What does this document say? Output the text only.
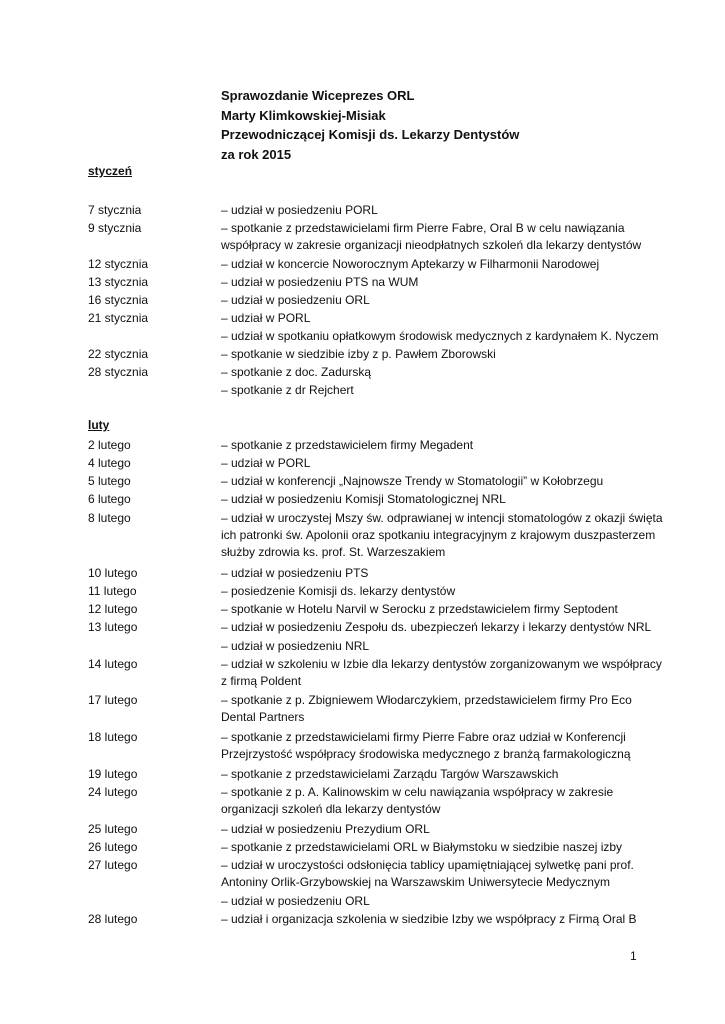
Sprawozdanie Wiceprezes ORL
Marty Klimkowskiej-Misiak
Przewodniczącej Komisji ds. Lekarzy Dentystów
za rok 2015
styczeń
7 stycznia	– udział w posiedzeniu PORL
9 stycznia	– spotkanie z przedstawicielami firm Pierre Fabre, Oral B w celu nawiązania
współpracy w zakresie organizacji nieodpłatnych szkoleń dla lekarzy dentystów
12 stycznia	– udział w koncercie Noworocznym Aptekarzy w Filharmonii Narodowej
13 stycznia	– udział w posiedzeniu PTS na WUM
16 stycznia	– udział w posiedzeniu ORL
21 stycznia	– udział w PORL
– udział w spotkaniu opłatkowym środowisk medycznych z kardynałem K. Nyczem
22 stycznia	– spotkanie w siedzibie izby z p. Pawłem Zborowski
28 stycznia	– spotkanie z doc. Zadurską
– spotkanie z dr Rejchert
luty
2 lutego	– spotkanie z przedstawicielem firmy Megadent
4 lutego	– udział w PORL
5 lutego	– udział w konferencji „Najnowsze Trendy w Stomatologii” w Kołobrzegu
6 lutego	– udział w posiedzeniu Komisji Stomatologicznej NRL
8 lutego	– udział w uroczystej Mszy św. odprawianej w intencji stomatologów z okazji święta
ich patronki św. Apolonii oraz spotkaniu integracyjnym z krajowym duszpasterzem
służby zdrowia ks. prof. St. Warzeszakiem
10 lutego	– udział w posiedzeniu PTS
11 lutego	– posiedzenie Komisji ds. lekarzy dentystów
12 lutego	– spotkanie w Hotelu Narvil w Serocku z przedstawicielem firmy Septodent
13 lutego	– udział w posiedzeniu Zespołu ds. ubezpieczeń lekarzy i lekarzy dentystów NRL
– udział w posiedzeniu NRL
14 lutego	– udział w szkoleniu w Izbie dla lekarzy dentystów zorganizowanym we współpracy
z firmą Poldent
17 lutego	– spotkanie z p. Zbigniewem Włodarczykiem, przedstawicielem firmy Pro Eco
Dental Partners
18 lutego	– spotkanie z przedstawicielami firmy Pierre Fabre oraz udział w Konferencji
Przejrzystość współpracy środowiska medycznego z branżą farmakologiczną
19 lutego	– spotkanie z przedstawicielami Zarządu Targów Warszawskich
24 lutego	– spotkanie z p. A. Kalinowskim w celu nawiązania współpracy w zakresie
organizacji szkoleń dla lekarzy dentystów
25 lutego	– udział w posiedzeniu Prezydium ORL
26 lutego	– spotkanie z przedstawicielami ORL w Białymstoku w siedzibie naszej izby
27 lutego	– udział w uroczystości odsłonięcia tablicy upamiętniającej sylwetkę pani prof.
Antoniny Orlik-Grzybowskiej na Warszawskim Uniwersytecie Medycznym
– udział w posiedzeniu ORL
28 lutego	– udział i organizacja szkolenia w siedzibie Izby we współpracy z Firmą Oral B
1
